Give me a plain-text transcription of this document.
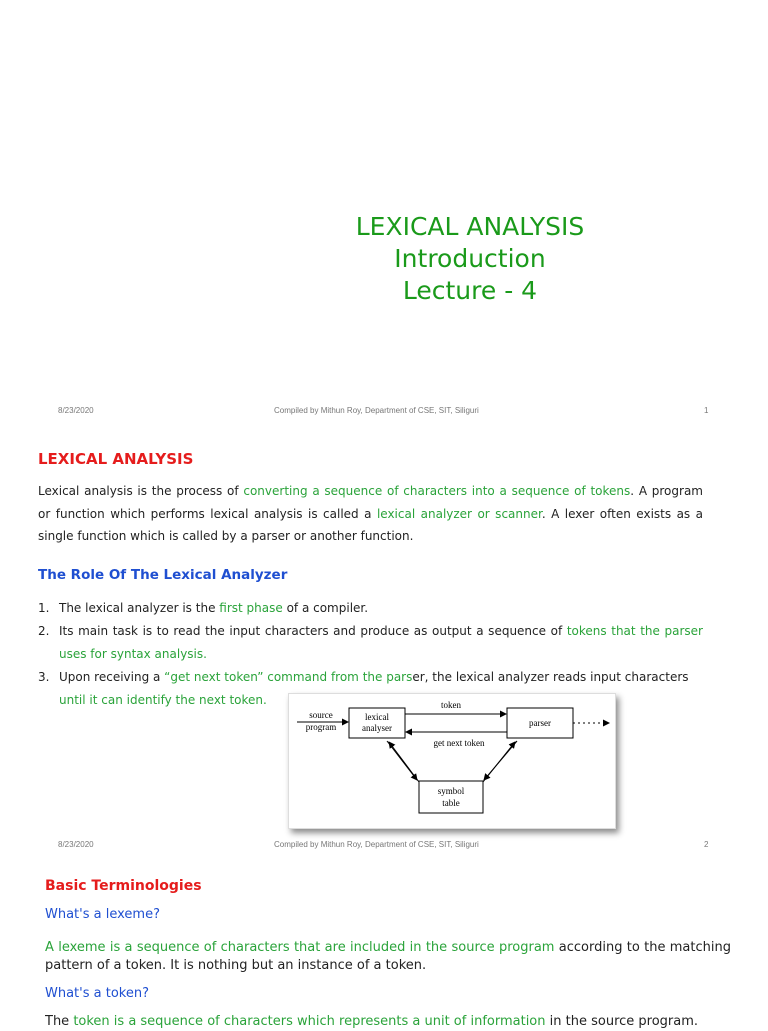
LEXICAL ANALYSIS
Introduction
Lecture - 4
8/23/2020	Compiled by Mithun Roy, Department of CSE, SIT, Siliguri	1
LEXICAL ANALYSIS
Lexical analysis is the process of converting a sequence of characters into a sequence of tokens. A program or function which performs lexical analysis is called a lexical analyzer or scanner. A lexer often exists as a single function which is called by a parser or another function.
The Role Of The Lexical Analyzer
1. The lexical analyzer is the first phase of a compiler.
2. Its main task is to read the input characters and produce as output a sequence of tokens that the parser uses for syntax analysis.
3. Upon receiving a “get next token” command from the parser, the lexical analyzer reads input characters
until it can identify the next token.
source
program
lexical
analyser	parser
token
get next token
symbol
table
8/23/2020	Compiled by Mithun Roy, Department of CSE, SIT, Siliguri	2
Basic Terminologies
What's a lexeme?
A lexeme is a sequence of characters that are included in the source program according to the matching pattern of a token. It is nothing but an instance of a token.
What's a token?
The token is a sequence of characters which represents a unit of information in the source program.
